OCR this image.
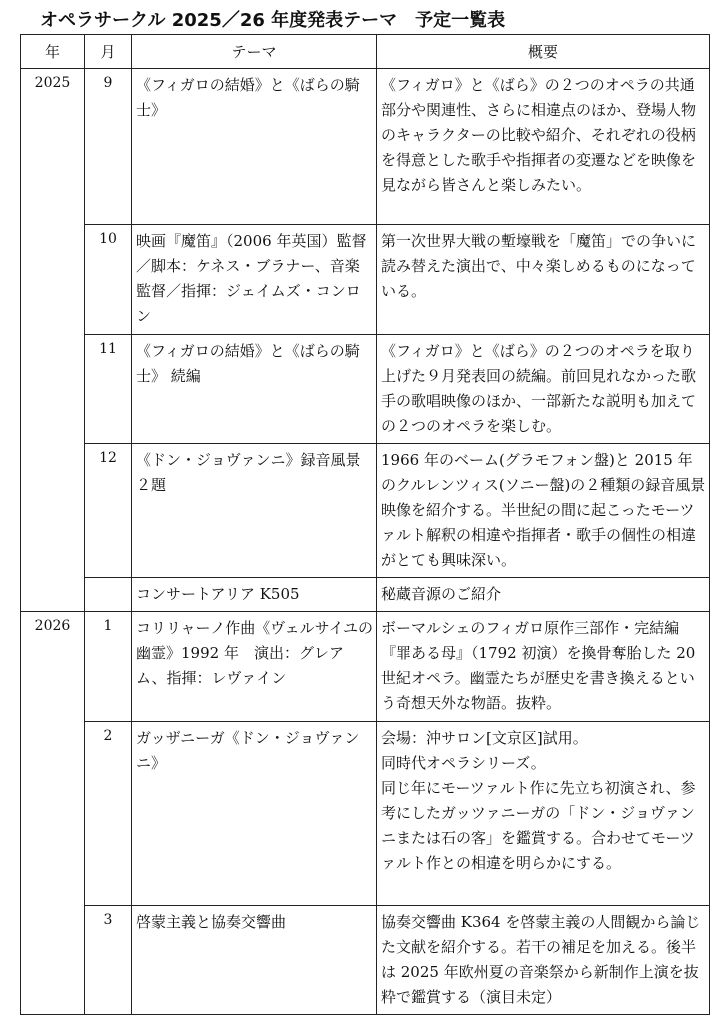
オペラサークル 2025／26 年度発表テーマ　予定一覧表
年	月	テーマ	概要
2025	9	《フィガロの結婚》と《ばらの騎士》	《フィガロ》と《ばら》の２つのオペラの共通部分や関連性、さらに相違点のほか、登場人物のキャラクターの比較や紹介、それぞれの役柄を得意とした歌手や指揮者の変遷などを映像を見ながら皆さんと楽しみたい。
	10	映画『魔笛』（2006 年英国）監督／脚本：ケネス・ブラナー、音楽監督／指揮：ジェイムズ・コンロン	第一次世界大戦の塹壕戦を「魔笛」での争いに読み替えた演出で、中々楽しめるものになっている。
	11	《フィガロの結婚》と《ばらの騎士》 続編	《フィガロ》と《ばら》の２つのオペラを取り上げた９月発表回の続編。前回見れなかった歌手の歌唱映像のほか、一部新たな説明も加えての２つのオペラを楽しむ。
	12	《ドン・ジョヴァンニ》録音風景２題	1966 年のベーム(グラモフォン盤)と 2015 年のクルレンツィス(ソニー盤)の２種類の録音風景映像を紹介する。半世紀の間に起こったモーツァルト解釈の相違や指揮者・歌手の個性の相違がとても興味深い。
		コンサートアリア K505	秘蔵音源のご紹介
2026	1	コリリャーノ作曲《ヴェルサイユの幽霊》1992 年　演出：グレアム、指揮：レヴァイン	ボーマルシェのフィガロ原作三部作・完結編『罪ある母』（1792 初演）を換骨奪胎した 20 世紀オペラ。幽霊たちが歴史を書き換えるという奇想天外な物語。抜粋。
	2	ガッザニーガ《ドン・ジョヴァンニ》	会場：沖サロン[文京区]試用。
同時代オペラシリーズ。
同じ年にモーツァルト作に先立ち初演され、参考にしたガッツァニーガの「ドン・ジョヴァンニまたは石の客」を鑑賞する。合わせてモーツァルト作との相違を明らかにする。

	3	啓蒙主義と協奏交響曲	協奏交響曲 K364 を啓蒙主義の人間観から論じた文献を紹介する。若干の補足を加える。後半は 2025 年欧州夏の音楽祭から新制作上演を抜粋で鑑賞する（演目未定）
